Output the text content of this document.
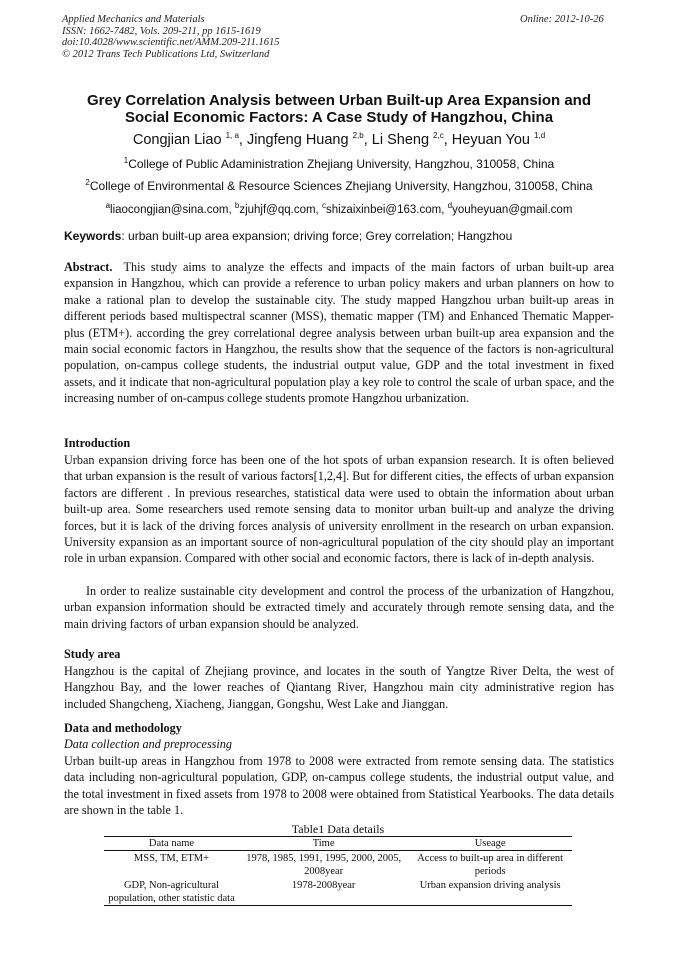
Applied Mechanics and Materials
ISSN: 1662-7482, Vols. 209-211, pp 1615-1619
doi:10.4028/www.scientific.net/AMM.209-211.1615
© 2012 Trans Tech Publications Ltd, Switzerland
Online: 2012-10-26
Grey Correlation Analysis between Urban Built-up Area Expansion and
Social Economic Factors: A Case Study of Hangzhou, China
Congjian Liao $^{1, a}$, Jingfeng Huang $^{2,b}$, Li Sheng $^{2,c}$, Heyuan You $^{1,d}$
$^1$College of Public Adaministration Zhejiang University, Hangzhou, 310058, China
$^2$College of Environmental & Resource Sciences Zhejiang University, Hangzhou, 310058, China
$^a$liaocongjian@sina.com, $^b$zjuhjf@qq.com, $^c$shizaixinbei@163.com, $^d$youheyuan@gmail.com
Keywords: urban built-up area expansion; driving force; Grey correlation; Hangzhou
Abstract. This study aims to analyze the effects and impacts of the main factors of urban built-up area expansion in Hangzhou, which can provide a reference to urban policy makers and urban planners on how to make a rational plan to develop the sustainable city. The study mapped Hangzhou urban built-up areas in different periods based multispectral scanner (MSS), thematic mapper (TM) and Enhanced Thematic Mapper-plus (ETM+). according the grey correlational degree analysis between urban built-up area expansion and the main social economic factors in Hangzhou, the results show that the sequence of the factors is non-agricultural population, on-campus college students, the industrial output value, GDP and the total investment in fixed assets, and it indicate that non-agricultural population play a key role to control the scale of urban space, and the increasing number of on-campus college students promote Hangzhou urbanization.
Introduction
Urban expansion driving force has been one of the hot spots of urban expansion research. It is often believed that urban expansion is the result of various factors[1,2,4]. But for different cities, the effects of urban expansion factors are different . In previous researches, statistical data were used to obtain the information about urban built-up area. Some researchers used remote sensing data to monitor urban built-up and analyze the driving forces, but it is lack of the driving forces analysis of university enrollment in the research on urban expansion. University expansion as an important source of non-agricultural population of the city should play an important role in urban expansion. Compared with other social and economic factors, there is lack of in-depth analysis.
In order to realize sustainable city development and control the process of the urbanization of Hangzhou, urban expansion information should be extracted timely and accurately through remote sensing data, and the main driving factors of urban expansion should be analyzed.
Study area
Hangzhou is the capital of Zhejiang province, and locates in the south of Yangtze River Delta, the west of Hangzhou Bay, and the lower reaches of Qiantang River, Hangzhou main city administrative region has included Shangcheng, Xiacheng, Jianggan, Gongshu, West Lake and Jianggan.
Data and methodology
Data collection and preprocessing
Urban built-up areas in Hangzhou from 1978 to 2008 were extracted from remote sensing data. The statistics data including non-agricultural population, GDP, on-campus college students, the industrial output value, and the total investment in fixed assets from 1978 to 2008 were obtained from Statistical Yearbooks. The data details are shown in the table 1.
Table1 Data details
Data name	Time	Useage
MSS, TM, ETM+	1978, 1985, 1991, 1995, 2000, 2005, 2008year	Access to built-up area in different periods
GDP, Non-agricultural population, other statistic data	1978-2008year	Urban expansion driving analysis
